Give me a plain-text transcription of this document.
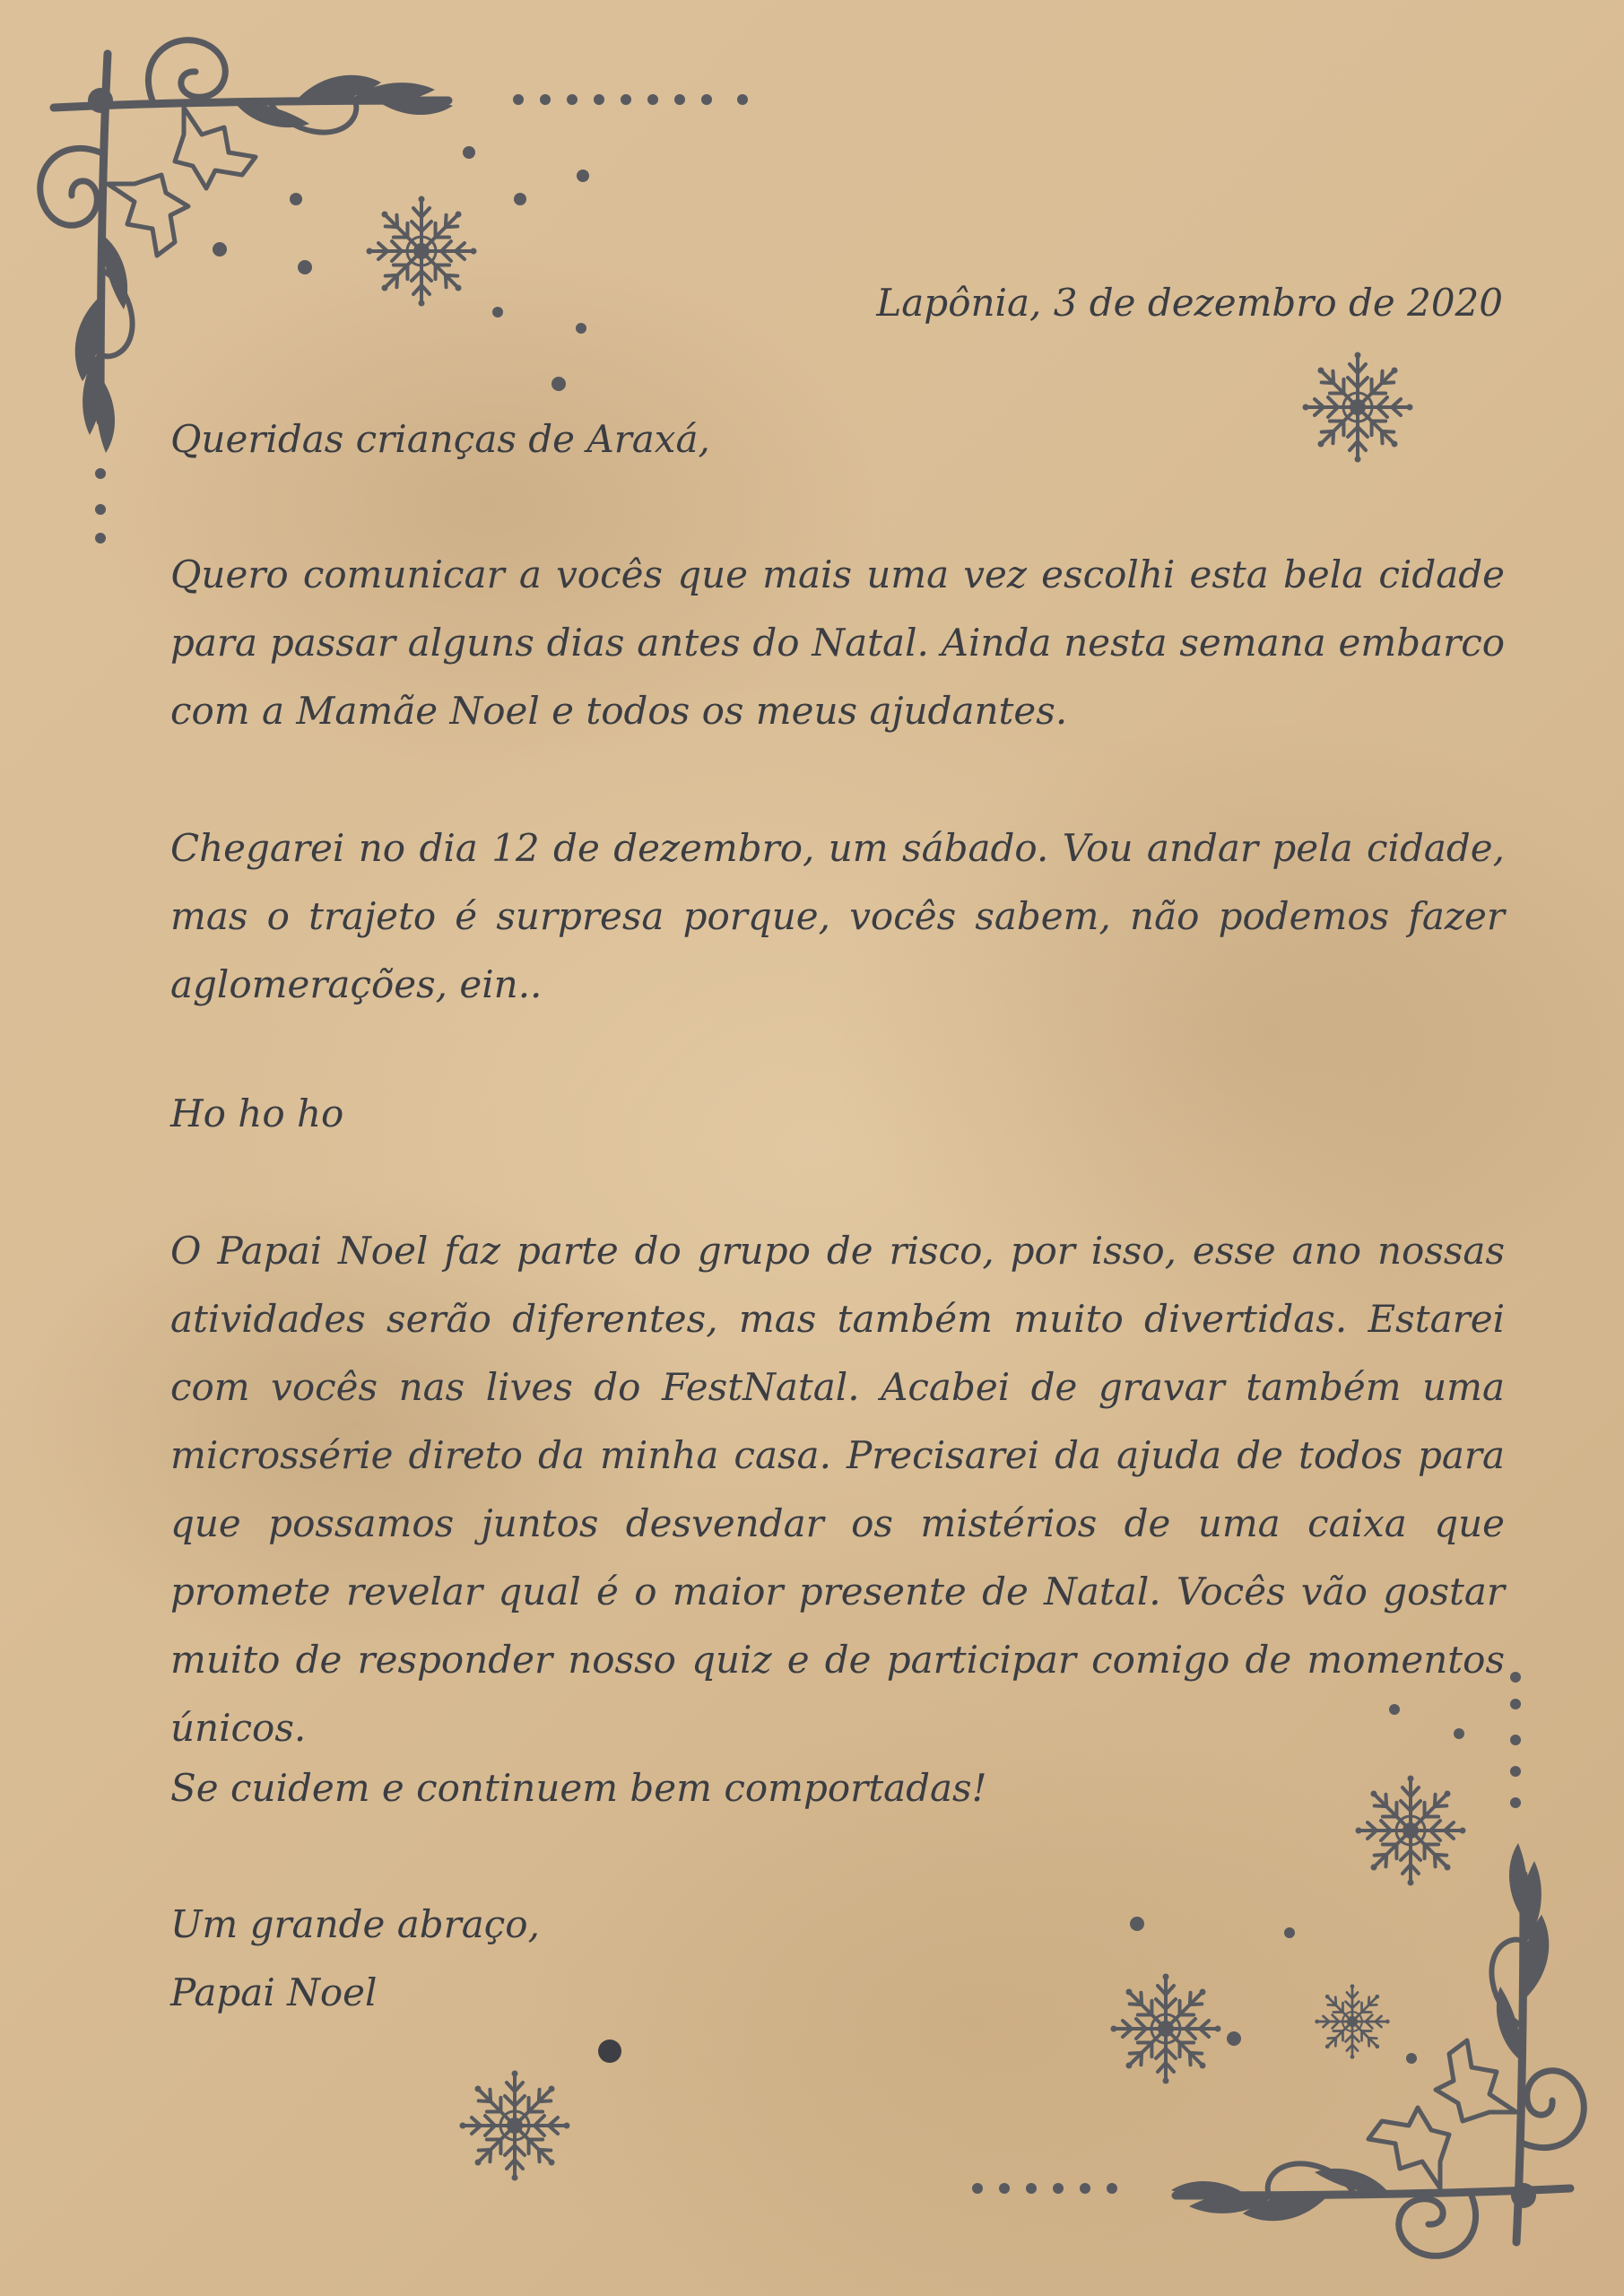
Lapônia, 3 de dezembro de 2020

Queridas crianças de Araxá,

Quero comunicar a vocês que mais uma vez escolhi esta bela cidade para passar alguns dias antes do Natal. Ainda nesta semana embarco com a Mamãe Noel e todos os meus ajudantes.

Chegarei no dia 12 de dezembro, um sábado. Vou andar pela cidade, mas o trajeto é surpresa porque, vocês sabem, não podemos fazer aglomerações, ein..

Ho ho ho

O Papai Noel faz parte do grupo de risco, por isso, esse ano nossas atividades serão diferentes, mas também muito divertidas. Estarei com vocês nas lives do FestNatal. Acabei de gravar também uma microssérie direto da minha casa. Precisarei da ajuda de todos para que possamos juntos desvendar os mistérios de uma caixa que promete revelar qual é o maior presente de Natal. Vocês vão gostar muito de responder nosso quiz e de participar comigo de momentos únicos.

Se cuidem e continuem bem comportadas!

Um grande abraço,

Papai Noel
